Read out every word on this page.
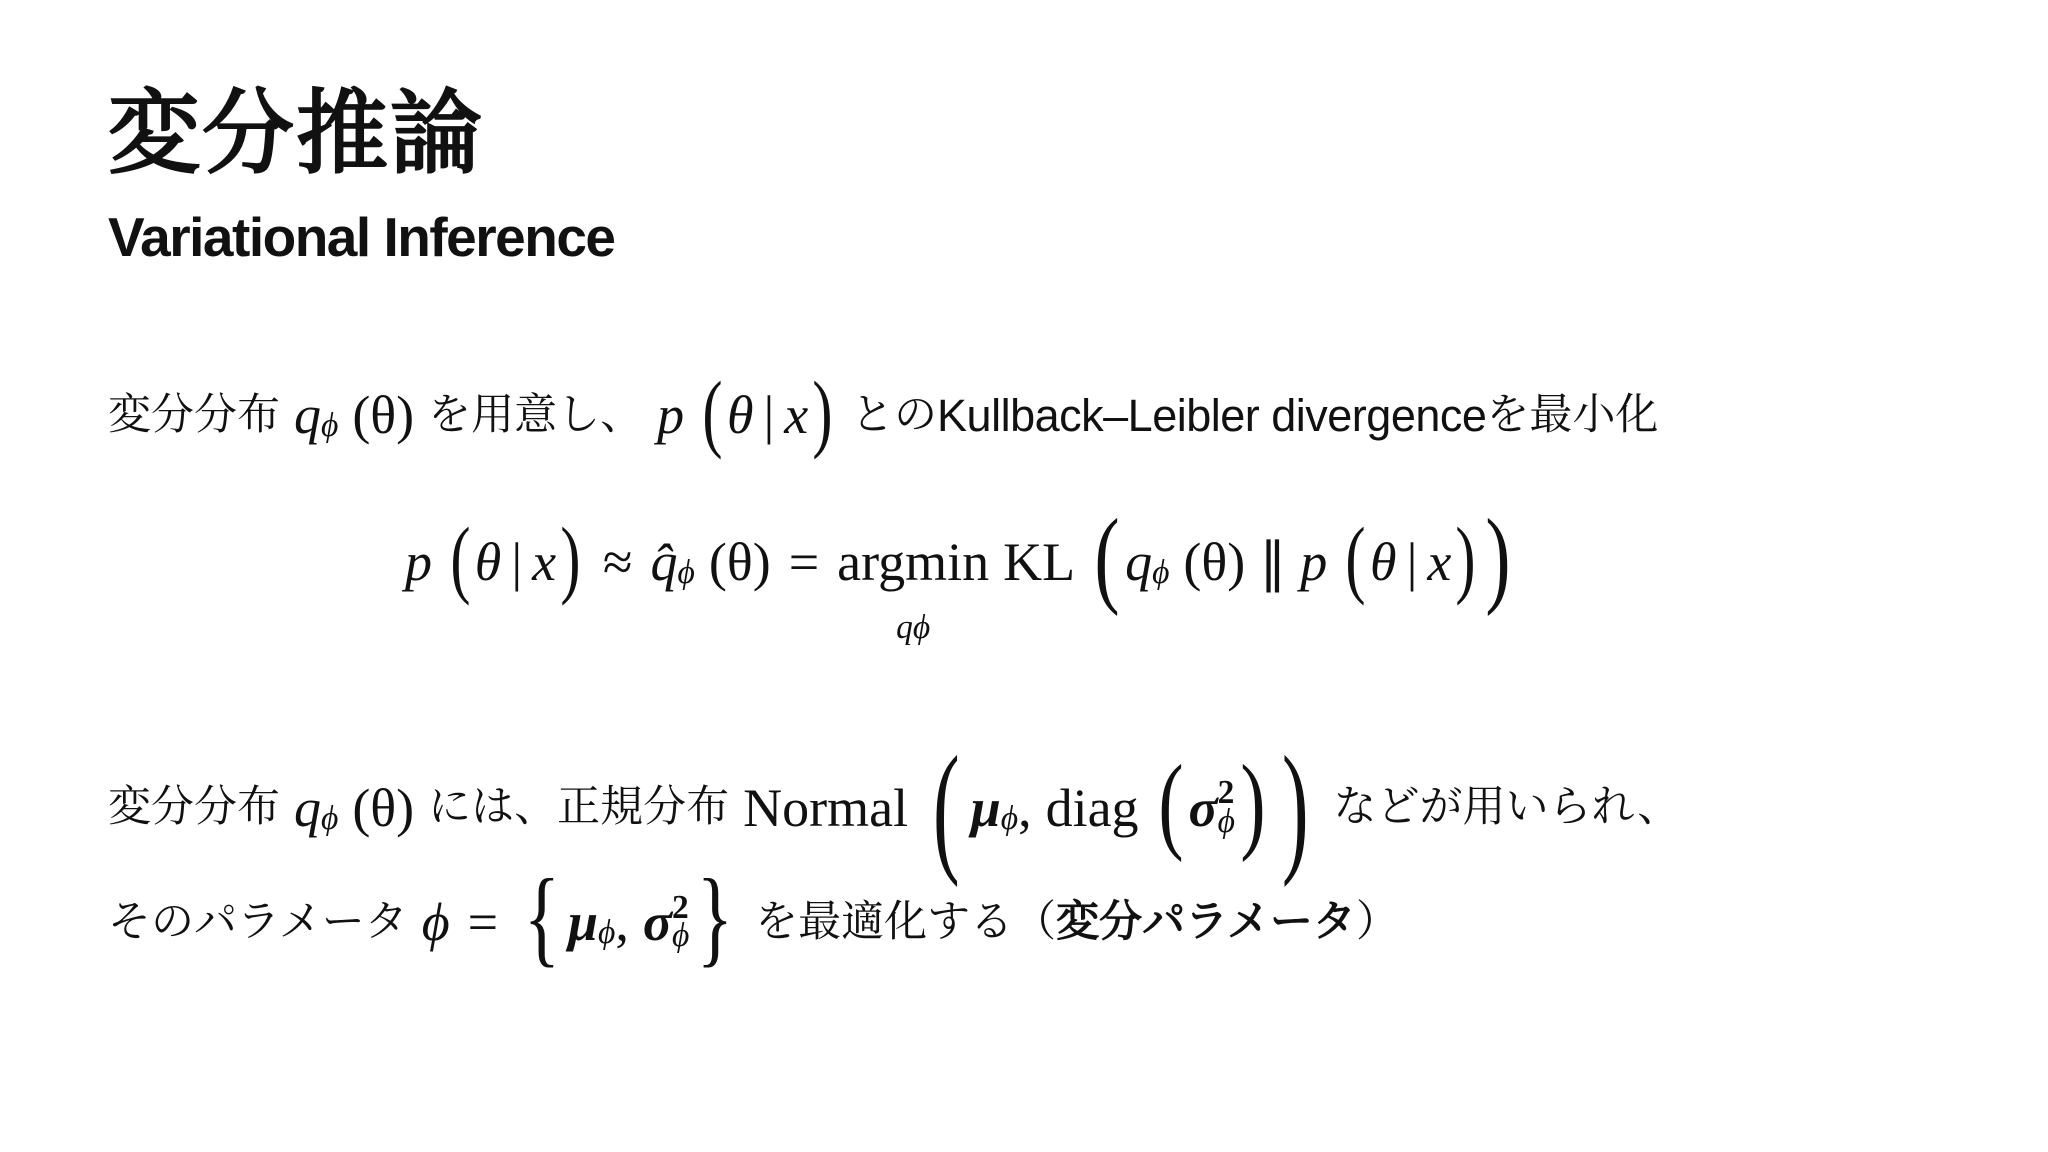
変分推論
Variational Inference
変分分布 q ϕ (θ) を用意し、 p ( θ | x ) との Kullback–Leibler divergence を最小化
p ( θ | x ) ≈ q̂ ϕ (θ) = argmin
qϕ
KL ( q ϕ (θ) ∥ p ( θ | x ) )
変分分布 q ϕ (θ) には、正規分布 Normal ( μ ϕ , diag ( σ 2
ϕ ) ) などが用いられ、
そのパラメータ ϕ = { μ ϕ , σ 2
ϕ } を最適化する（ 変分パラメータ ）
